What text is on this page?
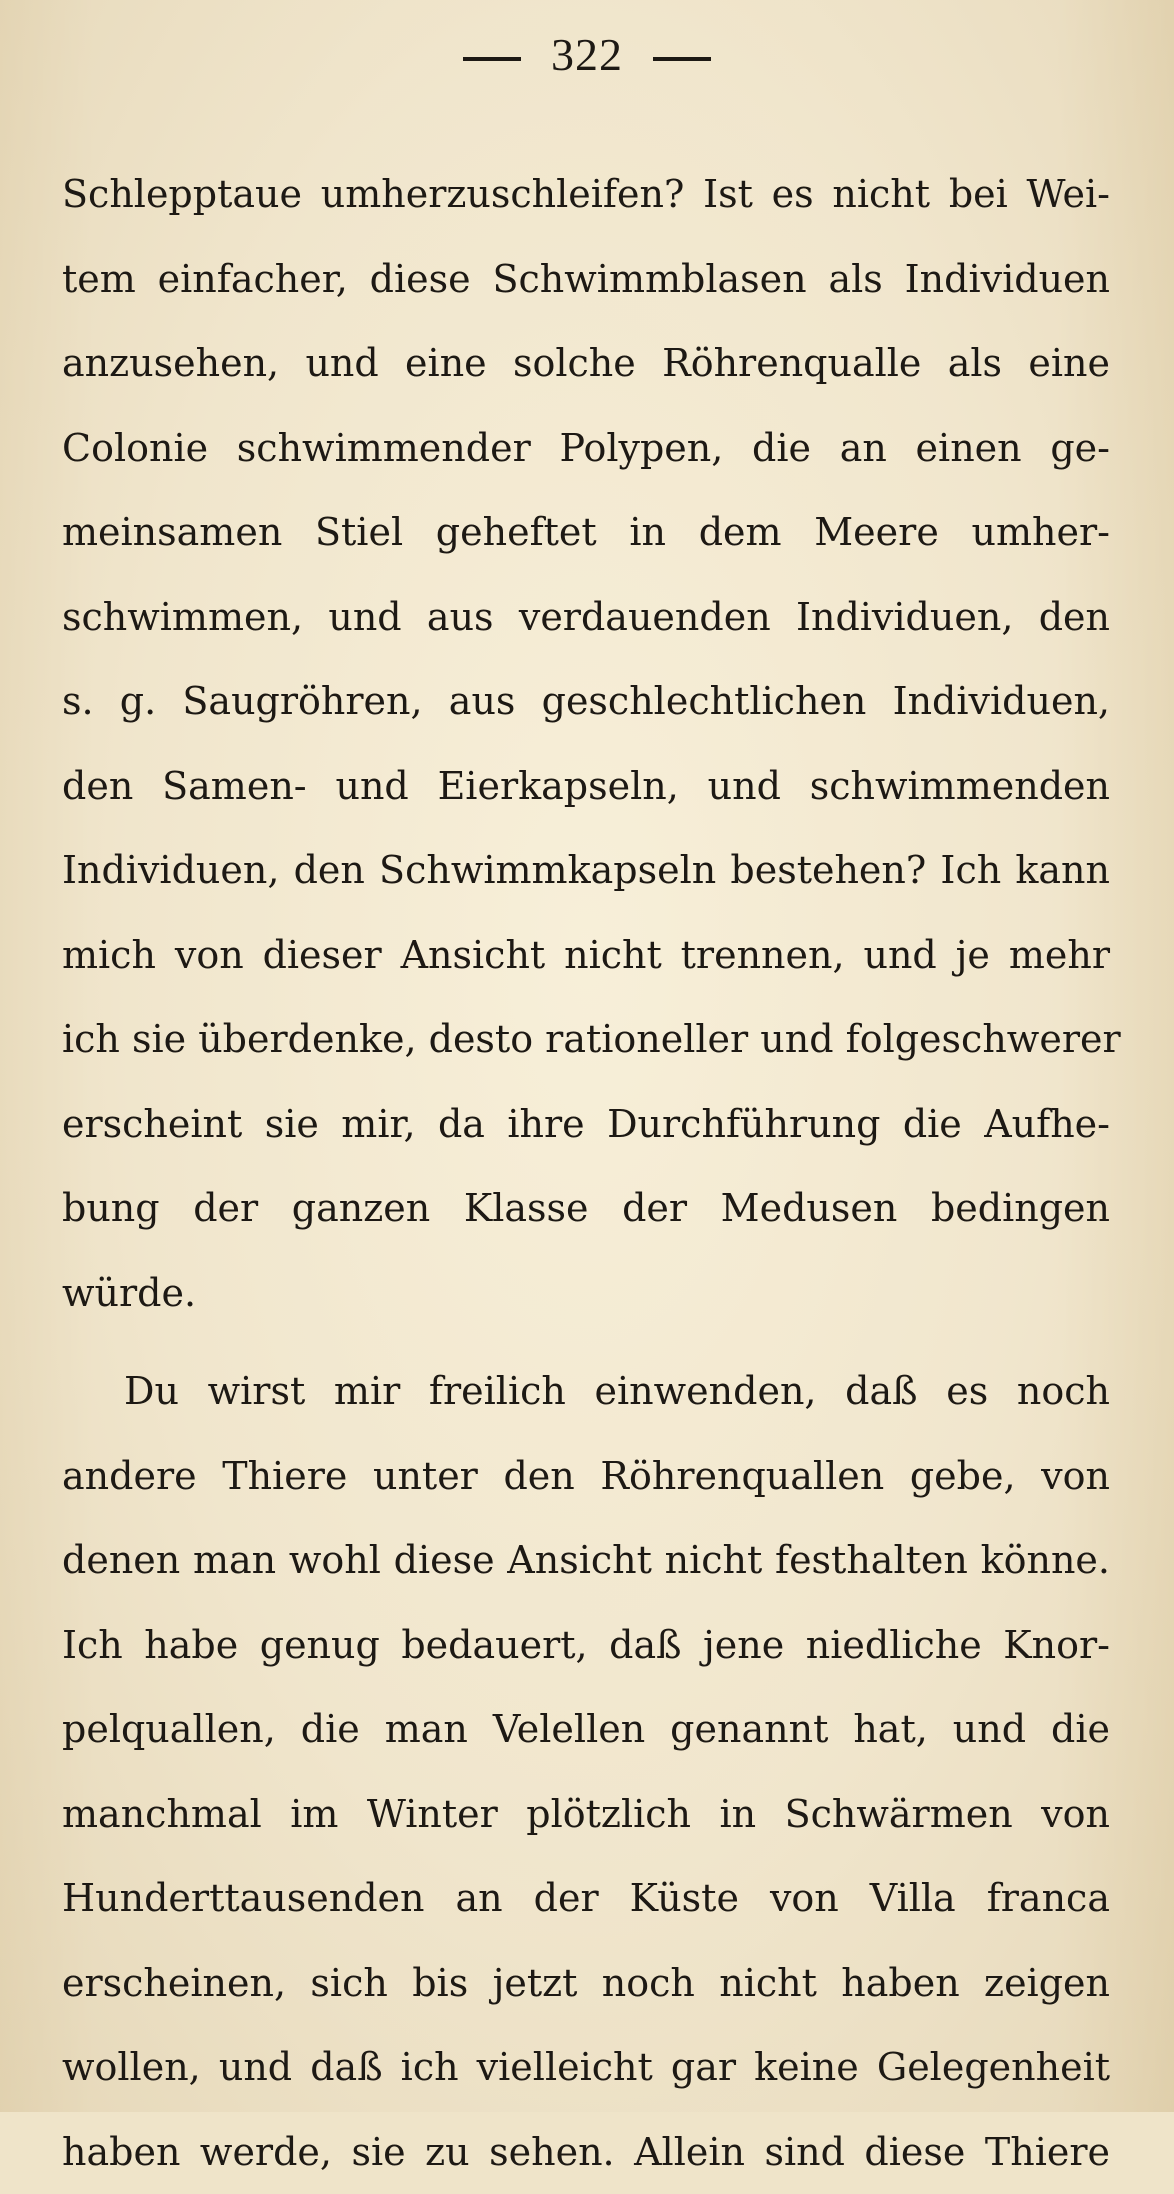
322
Schlepptaue umherzuschleifen? Ist es nicht bei Wei-
tem einfacher, diese Schwimmblasen als Individuen
anzusehen, und eine solche Röhrenqualle als eine
Colonie schwimmender Polypen, die an einen ge-
meinsamen Stiel geheftet in dem Meere umher-
schwimmen, und aus verdauenden Individuen, den
s. g. Saugröhren, aus geschlechtlichen Individuen,
den Samen- und Eierkapseln, und schwimmenden
Individuen, den Schwimmkapseln bestehen? Ich kann
mich von dieser Ansicht nicht trennen, und je mehr
ich sie überdenke, desto rationeller und folgeschwerer
erscheint sie mir, da ihre Durchführung die Aufhe-
bung der ganzen Klasse der Medusen bedingen
würde.
Du wirst mir freilich einwenden, daß es noch
andere Thiere unter den Röhrenquallen gebe, von
denen man wohl diese Ansicht nicht festhalten könne.
Ich habe genug bedauert, daß jene niedliche Knor-
pelquallen, die man Velellen genannt hat, und die
manchmal im Winter plötzlich in Schwärmen von
Hunderttausenden an der Küste von Villa franca
erscheinen, sich bis jetzt noch nicht haben zeigen
wollen, und daß ich vielleicht gar keine Gelegenheit
haben werde, sie zu sehen. Allein sind diese Thiere
